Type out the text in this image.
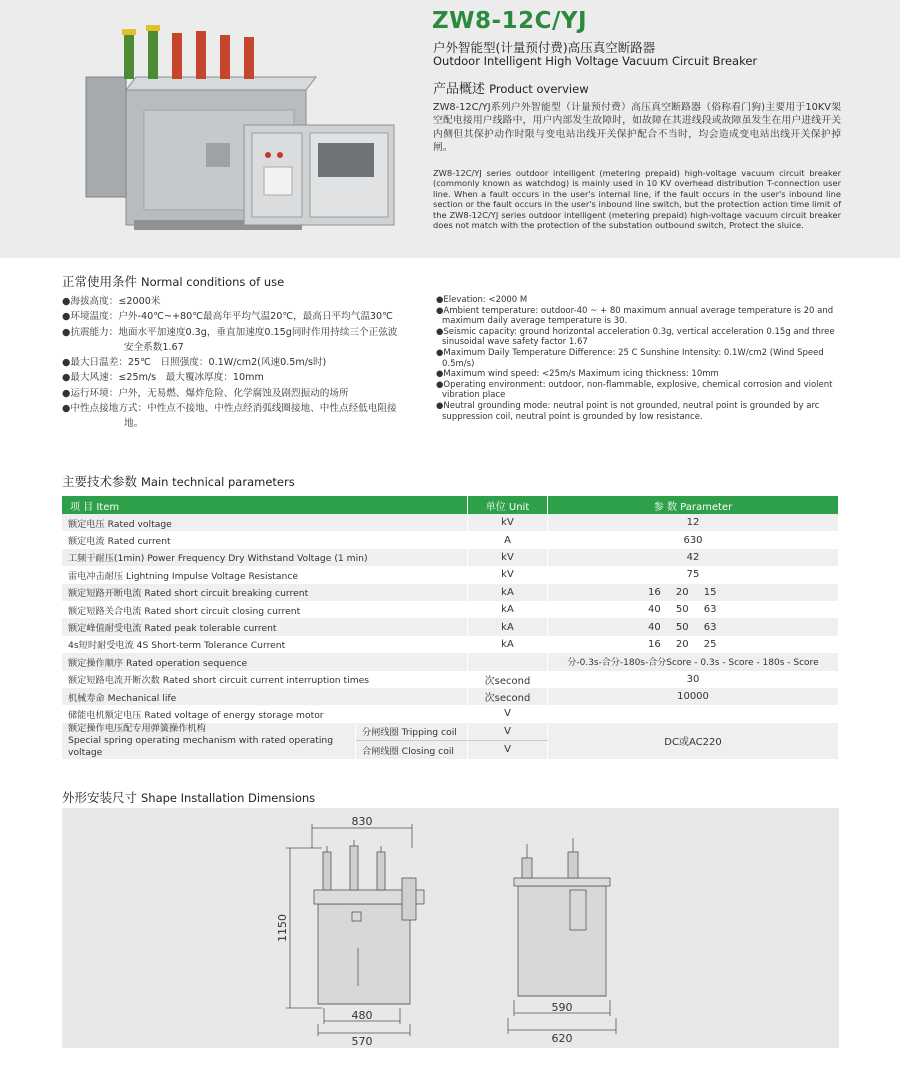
ZW8-12C/YJ
户外智能型(计量预付费)高压真空断路器
Outdoor Intelligent High Voltage Vacuum Circuit Breaker
产品概述 Product overview
ZW8-12C/YJ系列户外智能型（计量预付费）高压真空断路器（俗称看门狗)主要用于10KV架空配电接用户线路中，用户内部发生故障时，如故障在其进线段或故障虽发生在用户进线开关内侧但其保护动作时限与变电站出线开关保护配合不当时，均会造成变电站出线开关保护掉闸。
ZW8-12C/YJ series outdoor intelligent (metering prepaid) high-voltage vacuum circuit breaker (commonly known as watchdog) is mainly used in 10 KV overhead distribution T-connection user line. When a fault occurs in the user's internal line, if the fault occurs in the user's inbound line section or the fault occurs in the user's inbound line switch, but the protection action time limit of the ZW8-12C/YJ series outdoor intelligent (metering prepaid) high-voltage vacuum circuit breaker does not match with the protection of the substation outbound switch, Protect the sluice.
正常使用条件 Normal conditions of use
●海拔高度：≤2000米
●环境温度：户外-40℃~+80℃最高年平均气温20℃，最高日平均气温30℃
●抗震能力：地面水平加速度0.3g，垂直加速度0.15g同时作用持续三个正弦波安全系数1.67
●最大日温差：25℃　日照强度：0.1W/cm2(风速0.5m/s时)
●最大风速：≤25m/s　最大覆冰厚度：10mm
●运行环境：户外，无易燃、爆炸危险、化学腐蚀及剧烈振动的场所
●中性点接地方式：中性点不接地、中性点经消弧线圈接地、中性点经低电阻接地。
●Elevation: <2000 M
●Ambient temperature: outdoor-40 ~ + 80 maximum annual average temperature is 20 and maximum daily average temperature is 30.
●Seismic capacity: ground horizontal acceleration 0.3g, vertical acceleration 0.15g and three sinusoidal wave safety factor 1.67
●Maximum Daily Temperature Difference: 25 C Sunshine Intensity: 0.1W/cm2 (Wind Speed 0.5m/s)
●Maximum wind speed: <25m/s Maximum icing thickness: 10mm
●Operating environment: outdoor, non-flammable, explosive, chemical corrosion and violent vibration place
●Neutral grounding mode: neutral point is not grounded, neutral point is grounded by arc suppression coil, neutral point is grounded by low resistance.
主要技术参数 Main technical parameters
项 目 Item		单位 Unit	参 数 Parameter
额定电压 Rated voltage		kV	12
额定电流 Rated current		A	630
工频干耐压(1min) Power Frequency Dry Withstand Voltage (1 min)		kV	42
雷电冲击耐压 Lightning Impulse Voltage Resistance		kV	75
额定短路开断电流 Rated short circuit breaking current		kA	16 20 15
额定短路关合电流 Rated short circuit closing current		kA	40 50 63
额定峰值耐受电流 Rated peak tolerable current		kA	40 50 63
4s短时耐受电流 4S Short-term Tolerance Current		kA	16 20 25
额定操作顺序 Rated operation sequence			分-0.3s-合分-180s-合分Score - 0.3s - Score - 180s - Score
额定短路电流开断次数 Rated short circuit current interruption times		次second	30
机械寿命 Mechanical life		次second	10000
储能电机额定电压 Rated voltage of energy storage motor		V	

额定操作电压配专用弹簧操作机构
Special spring operating mechanism with rated operating voltage	分闸线圈 Tripping coil	V	DC或AC220
	合闸线圈 Closing coil	V	
外形安装尺寸 Shape Installation Dimensions
830
1150
480
570
590
620
